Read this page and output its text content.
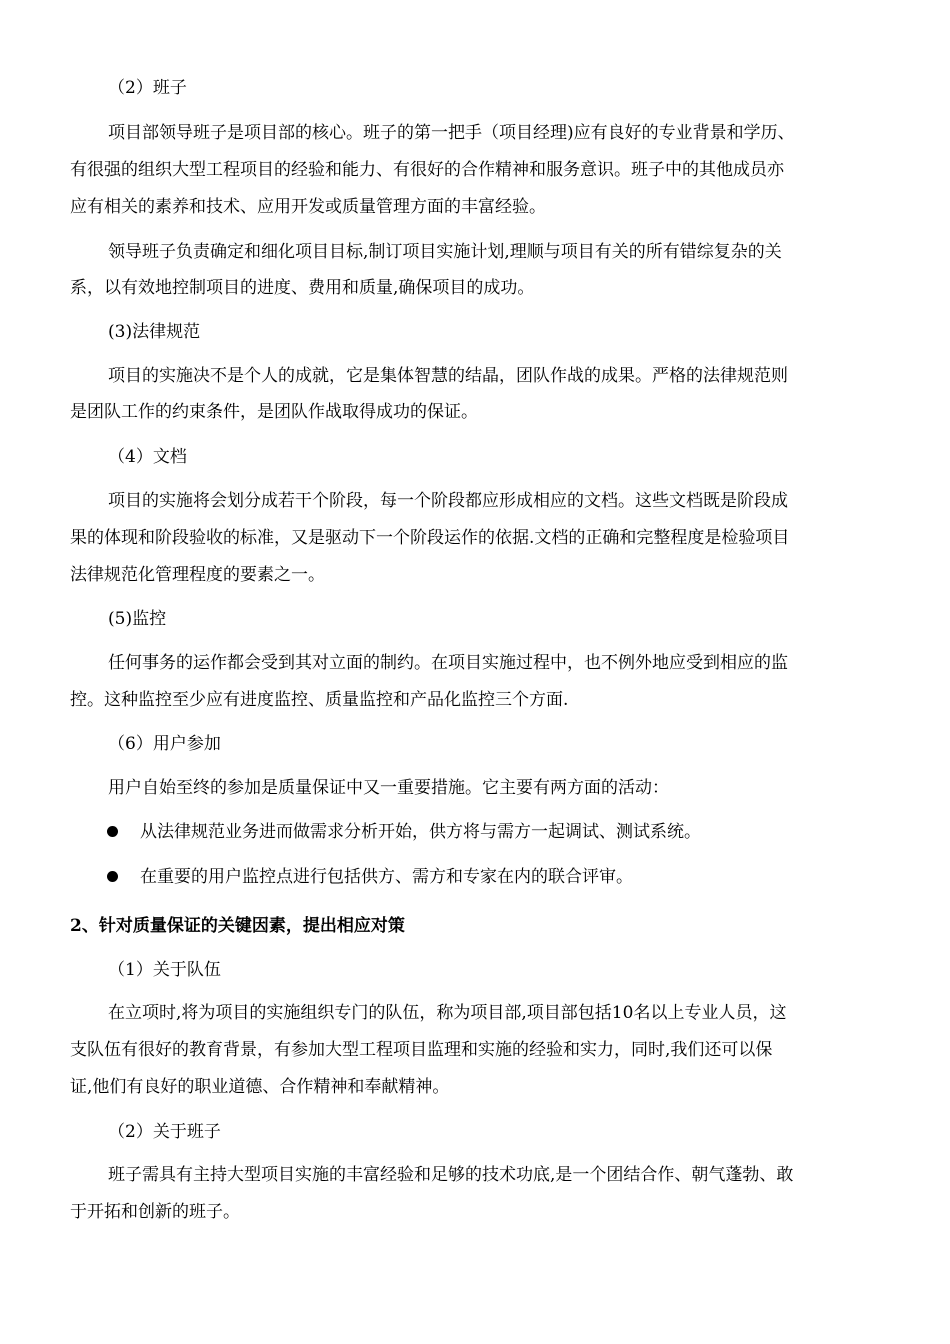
（2）班子
项目部领导班子是项目部的核心。班子的第一把手（项目经理)应有良好的专业背景和学历、
有很强的组织大型工程项目的经验和能力、有很好的合作精神和服务意识。班子中的其他成员亦
应有相关的素养和技术、应用开发或质量管理方面的丰富经验。
领导班子负责确定和细化项目目标,制订项目实施计划,理顺与项目有关的所有错综复杂的关
系，以有效地控制项目的进度、费用和质量,确保项目的成功。
(3)法律规范
项目的实施决不是个人的成就，它是集体智慧的结晶，团队作战的成果。严格的法律规范则
是团队工作的约束条件，是团队作战取得成功的保证。
（4）文档
项目的实施将会划分成若干个阶段，每一个阶段都应形成相应的文档。这些文档既是阶段成
果的体现和阶段验收的标准，又是驱动下一个阶段运作的依据.文档的正确和完整程度是检验项目
法律规范化管理程度的要素之一。
(5)监控
任何事务的运作都会受到其对立面的制约。在项目实施过程中，也不例外地应受到相应的监
控。这种监控至少应有进度监控、质量监控和产品化监控三个方面.
（6）用户参加
用户自始至终的参加是质量保证中又一重要措施。它主要有两方面的活动：
从法律规范业务进而做需求分析开始，供方将与需方一起调试、测试系统。
在重要的用户监控点进行包括供方、需方和专家在内的联合评审。
2、针对质量保证的关键因素，提出相应对策
（1）关于队伍
在立项时,将为项目的实施组织专门的队伍，称为项目部,项目部包括10名以上专业人员，这
支队伍有很好的教育背景，有参加大型工程项目监理和实施的经验和实力，同时,我们还可以保
证,他们有良好的职业道德、合作精神和奉献精神。
（2）关于班子
班子需具有主持大型项目实施的丰富经验和足够的技术功底,是一个团结合作、朝气蓬勃、敢
于开拓和创新的班子。
